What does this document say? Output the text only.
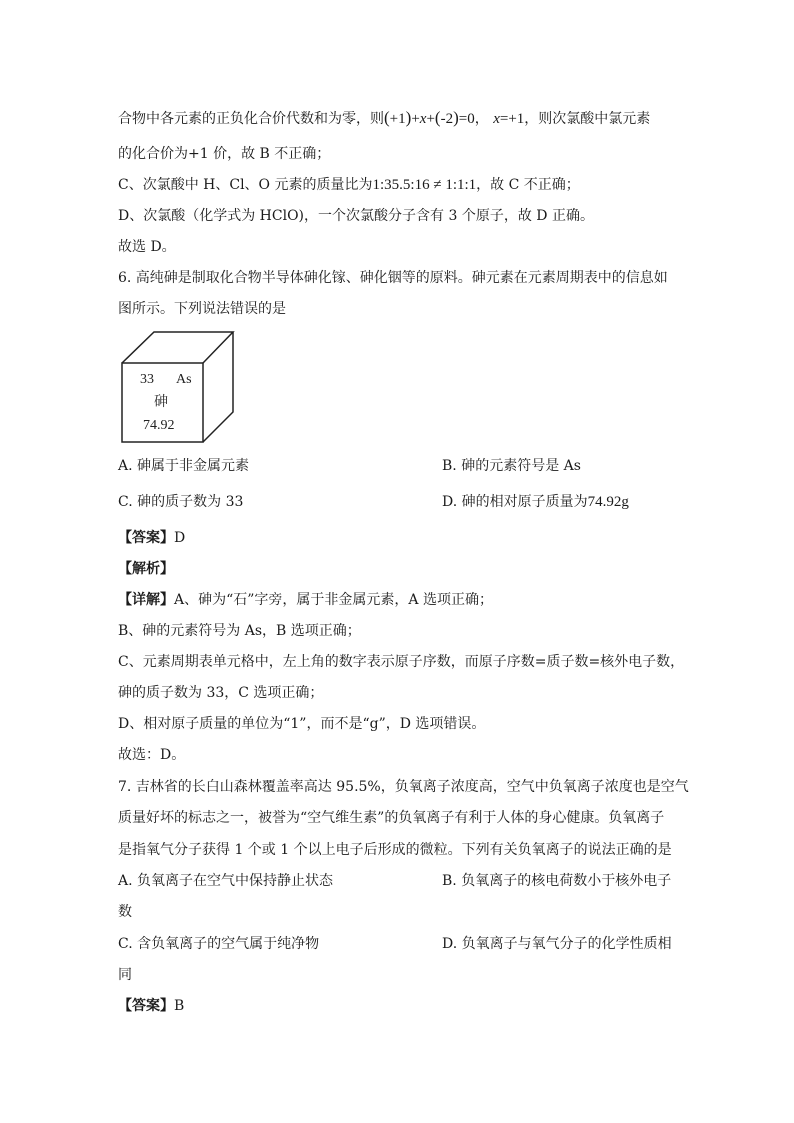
合物中各元素的正负化合价代数和为零，则(+1)+x+(-2)=0， x=+1，则次氯酸中氯元素
的化合价为+1 价，故 B 不正确；
C、次氯酸中 H、Cl、O 元素的质量比为1:35.5:16 ≠ 1:1:1，故 C 不正确；
D、次氯酸（化学式为 HClO)，一个次氯酸分子含有 3 个原子，故 D 正确。
故选 D。
6. 高纯砷是制取化合物半导体砷化镓、砷化铟等的原料。砷元素在元素周期表中的信息如
图所示。下列说法错误的是
33 As
砷
74.92
A. 砷属于非金属元素	B. 砷的元素符号是 As
C. 砷的质子数为 33	D. 砷的相对原子质量为74.92g
【答案】D
【解析】
【详解】A、砷为“石”字旁，属于非金属元素，A 选项正确；
B、砷的元素符号为 As，B 选项正确；
C、元素周期表单元格中，左上角的数字表示原子序数，而原子序数=质子数=核外电子数，
砷的质子数为 33，C 选项正确；
D、相对原子质量的单位为“1”，而不是“g”，D 选项错误。
故选：D。
7. 吉林省的长白山森林覆盖率高达 95.5%，负氧离子浓度高，空气中负氧离子浓度也是空气
质量好坏的标志之一，被誉为“空气维生素”的负氧离子有利于人体的身心健康。负氧离子
是指氧气分子获得 1 个或 1 个以上电子后形成的微粒。下列有关负氧离子的说法正确的是
A. 负氧离子在空气中保持静止状态	B. 负氧离子的核电荷数小于核外电子
数
C. 含负氧离子的空气属于纯净物	D. 负氧离子与氧气分子的化学性质相
同
【答案】B
